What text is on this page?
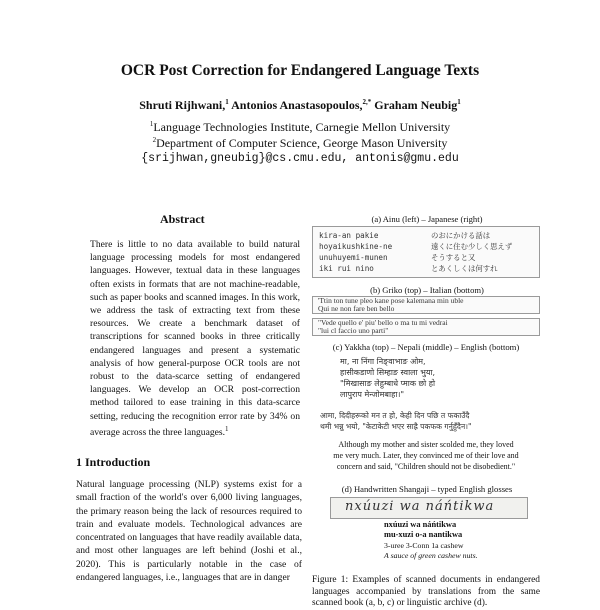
OCR Post Correction for Endangered Language Texts
Shruti Rijhwani,$^1$ Antonios Anastasopoulos,$^{2,*}$ Graham Neubig$^1$
$^1$Language Technologies Institute, Carnegie Mellon University
$^2$Department of Computer Science, George Mason University
{srijhwan,gneubig}@cs.cmu.edu, antonis@gmu.edu
Abstract
There is little to no data available to build natural language processing models for most endangered languages. However, textual data in these languages often exists in formats that are not machine-readable, such as paper books and scanned images. In this work, we address the task of extracting text from these resources. We create a benchmark dataset of transcriptions for scanned books in three critically endangered languages and present a systematic analysis of how general-purpose OCR tools are not robust to the data-scarce setting of endangered languages. We develop an OCR post-correction method tailored to ease training in this data-scarce setting, reducing the recognition error rate by 34% on average across the three languages.$^1$
1 Introduction
Natural language processing (NLP) systems exist for a small fraction of the world's over 6,000 living languages, the primary reason being the lack of resources required to train and evaluate models. Technological advances are concentrated on languages that have readily available data, and most other languages are left behind (Joshi et al., 2020). This is particularly notable in the case of endangered languages, i.e., languages that are in danger
(a) Ainu (left) – Japanese (right)
kira-an pakie
hoyaikushkine-ne
unuhuyemi-munen
iki rui nino
のおにかける話は
遠くに住む少しく思えず
そうすると又
とあくしくは何すれ
(b) Griko (top) – Italian (bottom)
'Ttin ton tune pleo kane pose kalemana min uble
Qui ne non fare ben bello
"Vede quello e' piu' bello o ma tu mi vedrai
"lui cl faccio uno parti"
(c) Yakkha (top) – Nepali (middle) – English (bottom)
मा, ना निंगा निङ्वाभाङ ओम,
हासीकडाणो सिम्हाङ स्वाला भुया,
"मिखासाङ लेहुम्बाधे प्माक छो हो
लापुराप मेन्जोमबाहा।"
आमा, दिदीहरूको मन त हो, केही दिन पछि त फकाउँदै
थमी भन्नु भयो, "केटाकेटी भएर साह्रै पकफक गर्नुहुँदैन।"
Although my mother and sister scolded me, they loved
me very much. Later, they convinced me of their love and
concern and said, "Children should not be disobedient."
(d) Handwritten Shangaji – typed English glosses
nxúuzi wa náńtikwa
nxúuzi wa náńtikwa
mu-xuzi o-a nantikwa
3-uree 3-Conn 1a cashew
A sauce of green cashew nuts.
Figure 1: Examples of scanned documents in endangered languages accompanied by translations from the same scanned book (a, b, c) or linguistic archive (d).
